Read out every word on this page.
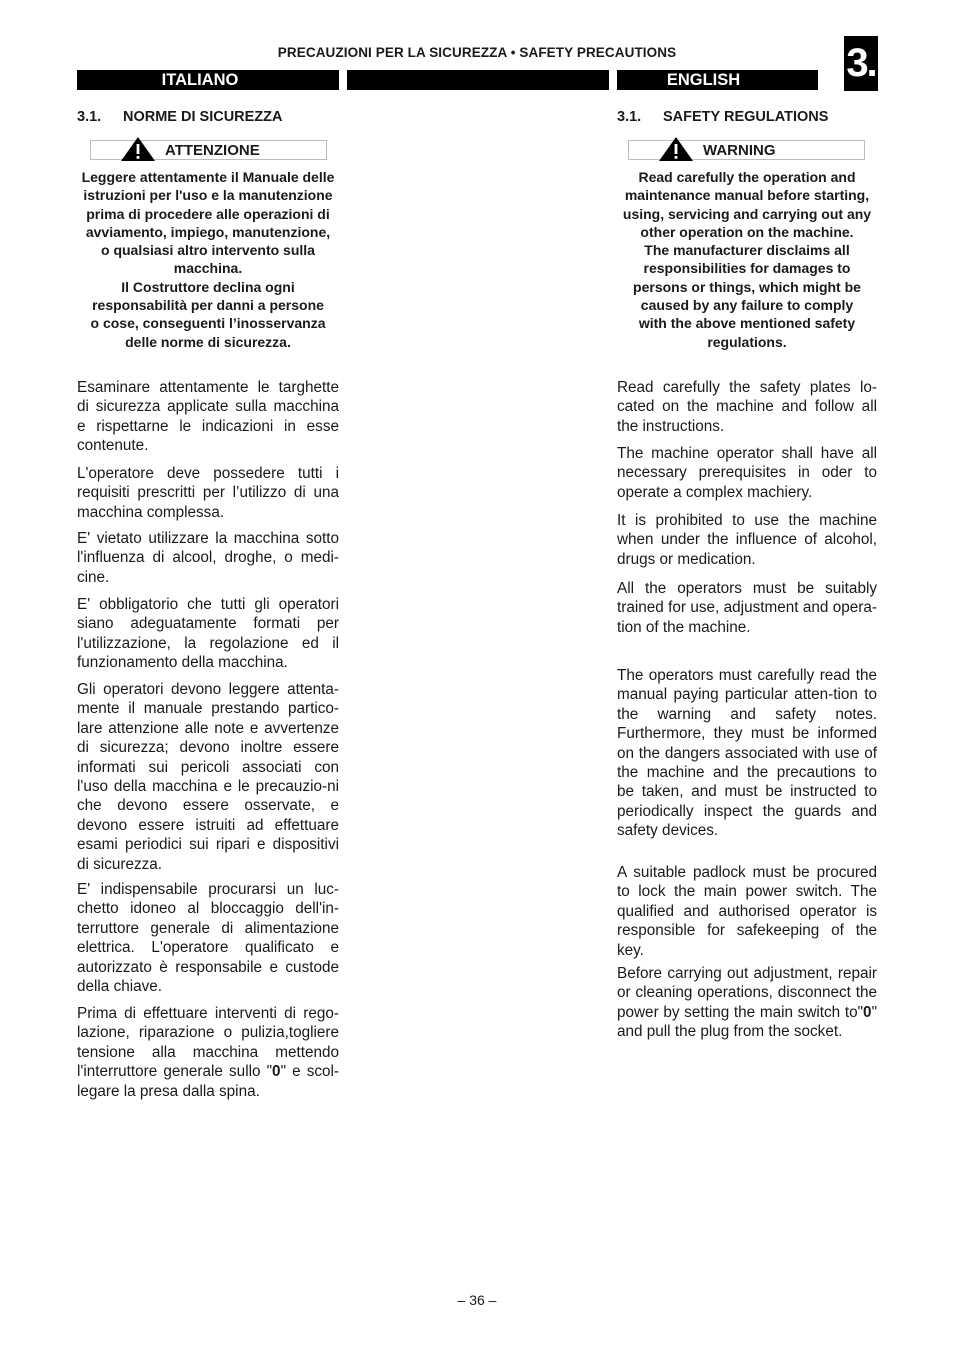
PRECAUZIONI PER LA SICUREZZA • SAFETY PRECAUTIONS	3.
ITALIANO	ENGLISH
3.1. NORME DI SICUREZZA	3.1. SAFETY REGULATIONS
ATTENZIONE	WARNING
Leggere attentamente il Manuale delle
istruzioni per l'uso e la manutenzione
prima di procedere alle operazioni di
avviamento, impiego, manutenzione,
o qualsiasi altro intervento sulla
macchina.
Il Costruttore declina ogni
responsabilità per danni a persone
o cose, conseguenti l’inosservanza
delle norme di sicurezza.
Read carefully the operation and
maintenance manual before starting,
using, servicing and carrying out any
other operation on the machine.
The manufacturer disclaims all
responsibilities for damages to
persons or things, which might be
caused by any failure to comply
with the above mentioned safety
regulations.

Esaminare attentamente le targhette di sicurezza applicate sulla macchina e rispettarne le indicazioni in esse contenute.

L'operatore deve possedere tutti i requisiti prescritti per l’utilizzo di una macchina complessa.

E' vietato utilizzare la macchina sotto l'influenza di alcool, droghe, o medi-cine.

E' obbligatorio che tutti gli operatori siano adeguatamente formati per l'utilizzazione, la regolazione ed il funzionamento della macchina.

Gli operatori devono leggere attenta-mente il manuale prestando partico-lare attenzione alle note e avvertenze di sicurezza; devono inoltre essere informati sui pericoli associati con l'uso della macchina e le precauzio-ni che devono essere osservate, e devono essere istruiti ad effettuare esami periodici sui ripari e dispositivi di sicurezza.

E' indispensabile procurarsi un luc-chetto idoneo al bloccaggio dell'in-terruttore generale di alimentazione elettrica. L'operatore qualificato e autorizzato è responsabile e custode della chiave.

Prima di effettuare interventi di rego-lazione, riparazione o pulizia,togliere tensione alla macchina mettendo l'interruttore generale sullo "0" e scol-legare la presa dalla spina.

Read carefully the safety plates lo-cated on the machine and follow all the instructions.

The machine operator shall have all necessary prerequisites in oder to operate a complex machiery.

It is prohibited to use the machine when under the influence of alcohol, drugs or medication.

All the operators must be suitably trained for use, adjustment and opera-tion of the machine.

The operators must carefully read the manual paying particular atten-tion to the warning and safety notes. Furthermore, they must be informed on the dangers associated with use of the machine and the precautions to be taken, and must be instructed to periodically inspect the guards and safety devices.

A suitable padlock must be procured to lock the main power switch. The qualified and authorised operator is responsible for safekeeping of the key.

Before carrying out adjustment, repair or cleaning operations, disconnect the power by setting the main switch to"0" and pull the plug from the socket.

– 36 –
